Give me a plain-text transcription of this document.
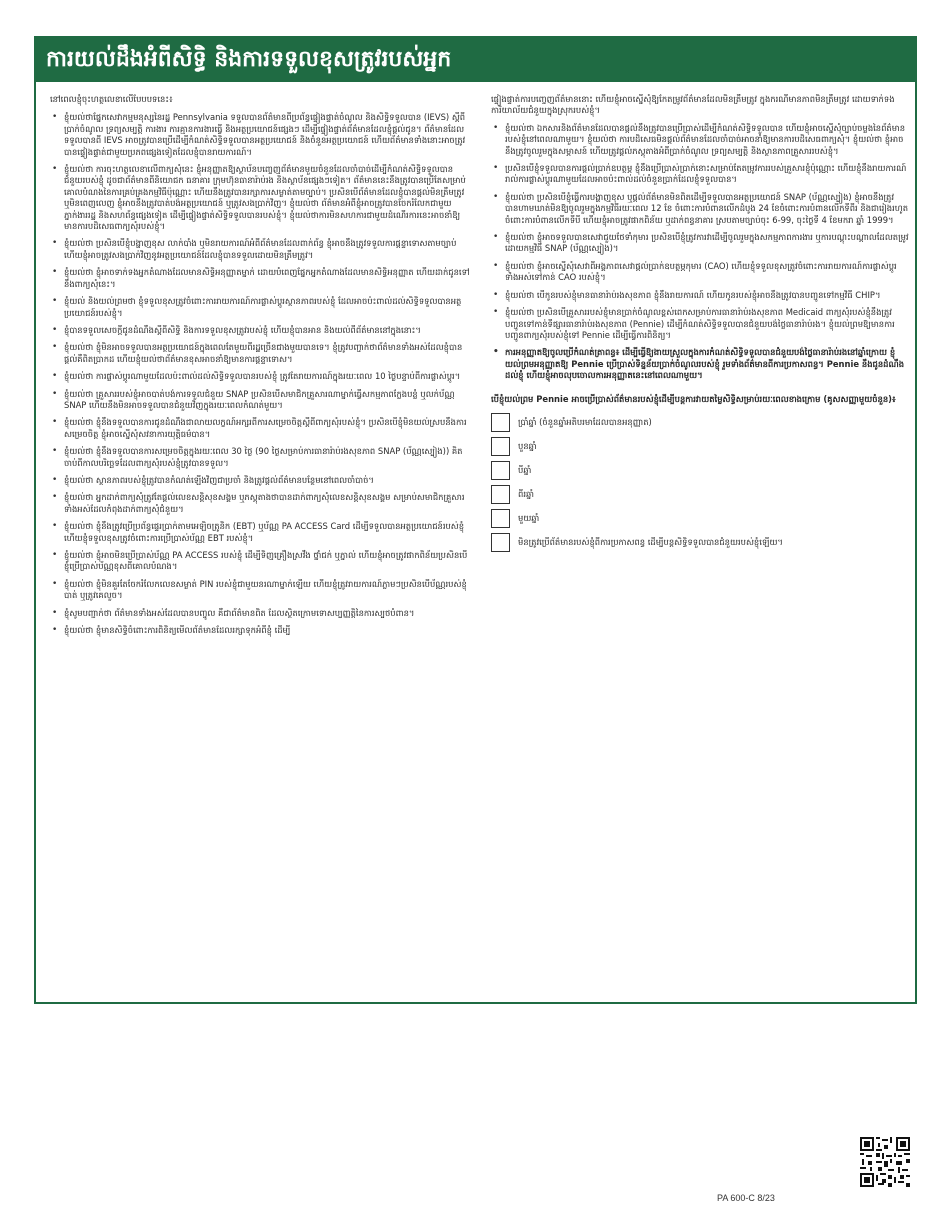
ការយល់ដឹងអំពីសិទ្ធិ និងការទទួលខុសត្រូវរបស់អ្នក

នៅពេលខ្ញុំចុះហត្ថលេខាលើបែបបទនេះ៖

• ខ្ញុំយល់ថាផ្នែកសេវាកម្មមនុស្សនៃរដ្ឋ Pennsylvania ទទួលបានព័ត៌មានពីប្រព័ន្ធផ្ទៀងផ្ទាត់ចំណូល និងសិទ្ធិទទួលបាន (IEVS) ស្តីពីប្រាក់ចំណូល ទ្រព្យសម្បត្តិ ការងារ ការគ្មានការងារធ្វើ និងអត្ថប្រយោជន៍ផ្សេងៗ ដើម្បីផ្ទៀងផ្ទាត់ព័ត៌មានដែលខ្ញុំផ្តល់ជូន។ ព័ត៌មានដែលទទួលបានពី IEVS អាចត្រូវបានប្រើដើម្បីកំណត់សិទ្ធិទទួលបានអត្ថប្រយោជន៍ និងចំនួនអត្ថប្រយោជន៍ ហើយព័ត៌មានទាំងនោះអាចត្រូវបានផ្ទៀងផ្ទាត់ជាមួយប្រភពផ្សេងទៀតដែលខ្ញុំបានរាយការណ៍។
• ខ្ញុំយល់ថា ការចុះហត្ថលេខាលើពាក្យសុំនេះ ខ្ញុំអនុញ្ញាតឱ្យស្ថាប័នបញ្ចេញព័ត៌មានមួយចំនួនដែលចាំបាច់ដើម្បីកំណត់សិទ្ធិទទួលបានជំនួយរបស់ខ្ញុំ ដូចជាព័ត៌មានពីនិយោជក ធនាគារ ក្រុមហ៊ុនធានារ៉ាប់រង និងស្ថាប័នផ្សេងៗទៀត។ ព័ត៌មាននេះនឹងត្រូវបានប្រើតែសម្រាប់គោលបំណងនៃការគ្រប់គ្រងកម្មវិធីប៉ុណ្ណោះ ហើយនឹងត្រូវបានរក្សាការសម្ងាត់តាមច្បាប់។ ប្រសិនបើព័ត៌មានដែលខ្ញុំបានផ្តល់មិនត្រឹមត្រូវ ឬមិនពេញលេញ ខ្ញុំអាចនឹងត្រូវបាត់បង់អត្ថប្រយោជន៍ ឬត្រូវសងប្រាក់វិញ។ ខ្ញុំយល់ថា ព័ត៌មានអំពីខ្ញុំអាចត្រូវបានចែករំលែកជាមួយភ្នាក់ងាររដ្ឋ និងសហព័ន្ធផ្សេងទៀត ដើម្បីផ្ទៀងផ្ទាត់សិទ្ធិទទួលបានរបស់ខ្ញុំ។ ខ្ញុំយល់ថាការមិនសហការជាមួយដំណើរការនេះអាចនាំឱ្យមានការបដិសេធពាក្យសុំរបស់ខ្ញុំ។
• ខ្ញុំយល់ថា ប្រសិនបើខ្ញុំបង្ហាញខុស លាក់បាំង ឬមិនរាយការណ៍អំពីព័ត៌មានដែលពាក់ព័ន្ធ ខ្ញុំអាចនឹងត្រូវទទួលការផ្តន្ទាទោសតាមច្បាប់ ហើយខ្ញុំអាចត្រូវសងប្រាក់វិញនូវអត្ថប្រយោជន៍ដែលខ្ញុំបានទទួលដោយមិនត្រឹមត្រូវ។
• ខ្ញុំយល់ថា ខ្ញុំអាចទាក់ទងអ្នកតំណាងដែលមានសិទ្ធិអនុញ្ញាតម្នាក់ ដោយបំពេញផ្នែកអ្នកតំណាងដែលមានសិទ្ធិអនុញ្ញាត ហើយដាក់ជូនទៅនឹងពាក្យសុំនេះ។
• ខ្ញុំយល់ និងយល់ព្រមថា ខ្ញុំទទួលខុសត្រូវចំពោះការរាយការណ៍ការផ្លាស់ប្តូរស្ថានភាពរបស់ខ្ញុំ ដែលអាចប៉ះពាល់ដល់សិទ្ធិទទួលបានអត្ថប្រយោជន៍របស់ខ្ញុំ។
• ខ្ញុំបានទទួលសេចក្តីជូនដំណឹងស្តីពីសិទ្ធិ និងការទទួលខុសត្រូវរបស់ខ្ញុំ ហើយខ្ញុំបានអាន និងយល់ពីព័ត៌មាននៅក្នុងនោះ។
• ខ្ញុំយល់ថា ខ្ញុំមិនអាចទទួលបានអត្ថប្រយោជន៍ក្នុងពេលតែមួយពីរដ្ឋច្រើនជាងមួយបានទេ។ ខ្ញុំត្រូវបញ្ជាក់ថាព័ត៌មានទាំងអស់ដែលខ្ញុំបានផ្តល់គឺពិតប្រាកដ ហើយខ្ញុំយល់ថាព័ត៌មានខុសអាចនាំឱ្យមានការផ្តន្ទាទោស។
• ខ្ញុំយល់ថា ការផ្លាស់ប្តូរណាមួយដែលប៉ះពាល់ដល់សិទ្ធិទទួលបានរបស់ខ្ញុំ ត្រូវតែរាយការណ៍ក្នុងរយៈពេល 10 ថ្ងៃបន្ទាប់ពីការផ្លាស់ប្តូរ។
• ខ្ញុំយល់ថា គ្រួសាររបស់ខ្ញុំអាចបាត់បង់ការទទួលជំនួយ SNAP ប្រសិនបើសមាជិកគ្រួសារណាម្នាក់ធ្វើសកម្មភាពក្លែងបន្លំ ឬលក់ប័ណ្ណ SNAP ហើយនឹងមិនអាចទទួលបានជំនួយវិញក្នុងរយៈពេលកំណត់មួយ។
• ខ្ញុំយល់ថា ខ្ញុំនឹងទទួលបានការជូនដំណឹងជាលាយលក្ខណ៍អក្សរពីការសម្រេចចិត្តស្តីពីពាក្យសុំរបស់ខ្ញុំ។ ប្រសិនបើខ្ញុំមិនយល់ស្របនឹងការសម្រេចចិត្ត ខ្ញុំអាចស្នើសុំសវនាការយុត្តិធម៌បាន។
• ខ្ញុំយល់ថា ខ្ញុំនឹងទទួលបានការសម្រេចចិត្តក្នុងរយៈពេល 30 ថ្ងៃ (90 ថ្ងៃសម្រាប់ការធានារ៉ាប់រងសុខភាព SNAP (ប័ណ្ណស្បៀង)) គិតចាប់ពីកាលបរិច្ឆេទដែលពាក្យសុំរបស់ខ្ញុំត្រូវបានទទួល។
• ខ្ញុំយល់ថា ស្ថានភាពរបស់ខ្ញុំត្រូវបានកំណត់ឡើងវិញជាប្រចាំ និងត្រូវផ្តល់ព័ត៌មានបន្ថែមនៅពេលចាំបាច់។
• ខ្ញុំយល់ថា អ្នកដាក់ពាក្យសុំត្រូវតែផ្តល់លេខសន្តិសុខសង្គម ឬភស្តុតាងថាបានដាក់ពាក្យសុំលេខសន្តិសុខសង្គម សម្រាប់សមាជិកគ្រួសារទាំងអស់ដែលកំពុងដាក់ពាក្យសុំជំនួយ។
• ខ្ញុំយល់ថា ខ្ញុំនឹងត្រូវប្រើប្រព័ន្ធផ្ទេរប្រាក់តាមអេឡិចត្រូនិក (EBT) ឬប័ណ្ណ PA ACCESS Card ដើម្បីទទួលបានអត្ថប្រយោជន៍របស់ខ្ញុំ ហើយខ្ញុំទទួលខុសត្រូវចំពោះការប្រើប្រាស់ប័ណ្ណ EBT របស់ខ្ញុំ។
• ខ្ញុំយល់ថា ខ្ញុំអាចមិនប្រើប្រាស់ប័ណ្ណ PA ACCESS របស់ខ្ញុំ ដើម្បីទិញគ្រឿងស្រវឹង ថ្នាំជក់ ឬភ្នាល់ ហើយខ្ញុំអាចត្រូវផាកពិន័យប្រសិនបើខ្ញុំប្រើប្រាស់ប័ណ្ណខុសពីគោលបំណង។
• ខ្ញុំយល់ថា ខ្ញុំមិនគួរតែចែករំលែកលេខសម្ងាត់ PIN របស់ខ្ញុំជាមួយនរណាម្នាក់ឡើយ ហើយខ្ញុំត្រូវរាយការណ៍ភ្លាមៗប្រសិនបើប័ណ្ណរបស់ខ្ញុំបាត់ ឬត្រូវគេលួច។
• ខ្ញុំសូមបញ្ជាក់ថា ព័ត៌មានទាំងអស់ដែលបានបញ្ចូល គឺជាព័ត៌មានពិត ដែលស្ថិតក្រោមទោសប្បញ្ញត្តិនៃការស្បថបំពាន។
• ខ្ញុំយល់ថា ខ្ញុំមានសិទ្ធិចំពោះការពិនិត្យមើលព័ត៌មានដែលរក្សាទុកអំពីខ្ញុំ ដើម្បី
ផ្ទៀងផ្ទាត់ការបញ្ចេញព័ត៌មាននោះ ហើយខ្ញុំអាចស្នើសុំឱ្យកែតម្រូវព័ត៌មានដែលមិនត្រឹមត្រូវ ក្នុងករណីមានភាពមិនត្រឹមត្រូវ ដោយទាក់ទងការិយាល័យជំនួយក្នុងស្រុករបស់ខ្ញុំ។
• ខ្ញុំយល់ថា ឯកសារនិងព័ត៌មានដែលបានផ្តល់នឹងត្រូវបានប្រើប្រាស់ដើម្បីកំណត់សិទ្ធិទទួលបាន ហើយខ្ញុំអាចស្នើសុំច្បាប់ចម្លងនៃព័ត៌មានរបស់ខ្ញុំនៅពេលណាមួយ។ ខ្ញុំយល់ថា ការបដិសេធមិនផ្តល់ព័ត៌មានដែលចាំបាច់អាចនាំឱ្យមានការបដិសេធពាក្យសុំ។ ខ្ញុំយល់ថា ខ្ញុំអាចនឹងត្រូវចូលរួមក្នុងសម្ភាសន៍ ហើយត្រូវផ្តល់ភស្តុតាងអំពីប្រាក់ចំណូល ទ្រព្យសម្បត្តិ និងស្ថានភាពគ្រួសាររបស់ខ្ញុំ។
• ប្រសិនបើខ្ញុំទទួលបានការផ្តល់ប្រាក់ឧបត្ថម្ភ ខ្ញុំនឹងប្រើប្រាស់ប្រាក់នោះសម្រាប់តែតម្រូវការរបស់គ្រួសារខ្ញុំប៉ុណ្ណោះ ហើយខ្ញុំនឹងរាយការណ៍រាល់ការផ្លាស់ប្តូរណាមួយដែលអាចប៉ះពាល់ដល់ចំនួនប្រាក់ដែលខ្ញុំទទួលបាន។
• ខ្ញុំយល់ថា ប្រសិនបើខ្ញុំធ្វើការបង្ហាញខុស ឬផ្តល់ព័ត៌មានមិនពិតដើម្បីទទួលបានអត្ថប្រយោជន៍ SNAP (ប័ណ្ណស្បៀង) ខ្ញុំអាចនឹងត្រូវបានហាមឃាត់មិនឱ្យចូលរួមក្នុងកម្មវិធីរយៈពេល 12 ខែ ចំពោះការបំពានលើកដំបូង 24 ខែចំពោះការបំពានលើកទីពីរ និងជារៀងរហូតចំពោះការបំពានលើកទីបី ហើយខ្ញុំអាចត្រូវផាកពិន័យ ឬដាក់ពន្ធនាគារ ស្របតាមច្បាប់ចុះ 6-99, ចុះថ្ងៃទី 4 ខែមករា ឆ្នាំ 1999។
• ខ្ញុំយល់ថា ខ្ញុំអាចទទួលបានសេវាជួយថែទាំកុមារ ប្រសិនបើខ្ញុំត្រូវការវាដើម្បីចូលរួមក្នុងសកម្មភាពការងារ ឬការបណ្តុះបណ្តាលដែលតម្រូវដោយកម្មវិធី SNAP (ប័ណ្ណស្បៀង)។
• ខ្ញុំយល់ថា ខ្ញុំអាចស្នើសុំសេវាពីអង្គភាពសេវាផ្តល់ប្រាក់ឧបត្ថម្ភកុមារ (CAO) ហើយខ្ញុំទទួលខុសត្រូវចំពោះការរាយការណ៍ការផ្លាស់ប្តូរទាំងអស់ទៅកាន់ CAO របស់ខ្ញុំ។
• ខ្ញុំយល់ថា បើកូនរបស់ខ្ញុំមានធានារ៉ាប់រងសុខភាព ខ្ញុំនឹងរាយការណ៍ ហើយកូនរបស់ខ្ញុំអាចនឹងត្រូវបានបញ្ជូនទៅកម្មវិធី CHIP។
• ខ្ញុំយល់ថា ប្រសិនបើគ្រួសាររបស់ខ្ញុំមានប្រាក់ចំណូលខ្ពស់ពេកសម្រាប់ការធានារ៉ាប់រងសុខភាព Medicaid ពាក្យសុំរបស់ខ្ញុំនឹងត្រូវបញ្ជូនទៅកាន់ទីផ្សារធានារ៉ាប់រងសុខភាព (Pennie) ដើម្បីកំណត់សិទ្ធិទទួលបានជំនួយបង់ថ្លៃធានារ៉ាប់រង។ ខ្ញុំយល់ព្រមឱ្យមានការបញ្ជូនពាក្យសុំរបស់ខ្ញុំទៅ Pennie ដើម្បីធ្វើការពិនិត្យ។
• ការអនុញ្ញាតឱ្យចូលប្រើកំណត់ត្រាពន្ធ៖ ដើម្បីធ្វើឱ្យងាយស្រួលក្នុងការកំណត់សិទ្ធិទទួលបានជំនួយបង់ថ្លៃធានារ៉ាប់រងនៅឆ្នាំក្រោយ ខ្ញុំយល់ព្រមអនុញ្ញាតឱ្យ Pennie ប្រើប្រាស់ទិន្នន័យប្រាក់ចំណូលរបស់ខ្ញុំ រួមទាំងព័ត៌មានពីការប្រកាសពន្ធ។ Pennie នឹងជូនដំណឹងដល់ខ្ញុំ ហើយខ្ញុំអាចលុបចោលការអនុញ្ញាតនេះនៅពេលណាមួយ។

បើខ្ញុំយល់ព្រម Pennie អាចប្រើប្រាស់ព័ត៌មានរបស់ខ្ញុំដើម្បីបន្តការវាយតម្លៃសិទ្ធិសម្រាប់រយៈពេលខាងក្រោម (គូសសញ្ញាមួយចំនួន)៖

ប្រាំឆ្នាំ (ចំនួនឆ្នាំអតិបរមាដែលបានអនុញ្ញាត)
បួនឆ្នាំ
បីឆ្នាំ
ពីរឆ្នាំ
មួយឆ្នាំ
មិនត្រូវប្រើព័ត៌មានរបស់ខ្ញុំពីការប្រកាសពន្ធ ដើម្បីបន្តសិទ្ធិទទួលបានជំនួយរបស់ខ្ញុំឡើយ។
PA 600-C 8/23
